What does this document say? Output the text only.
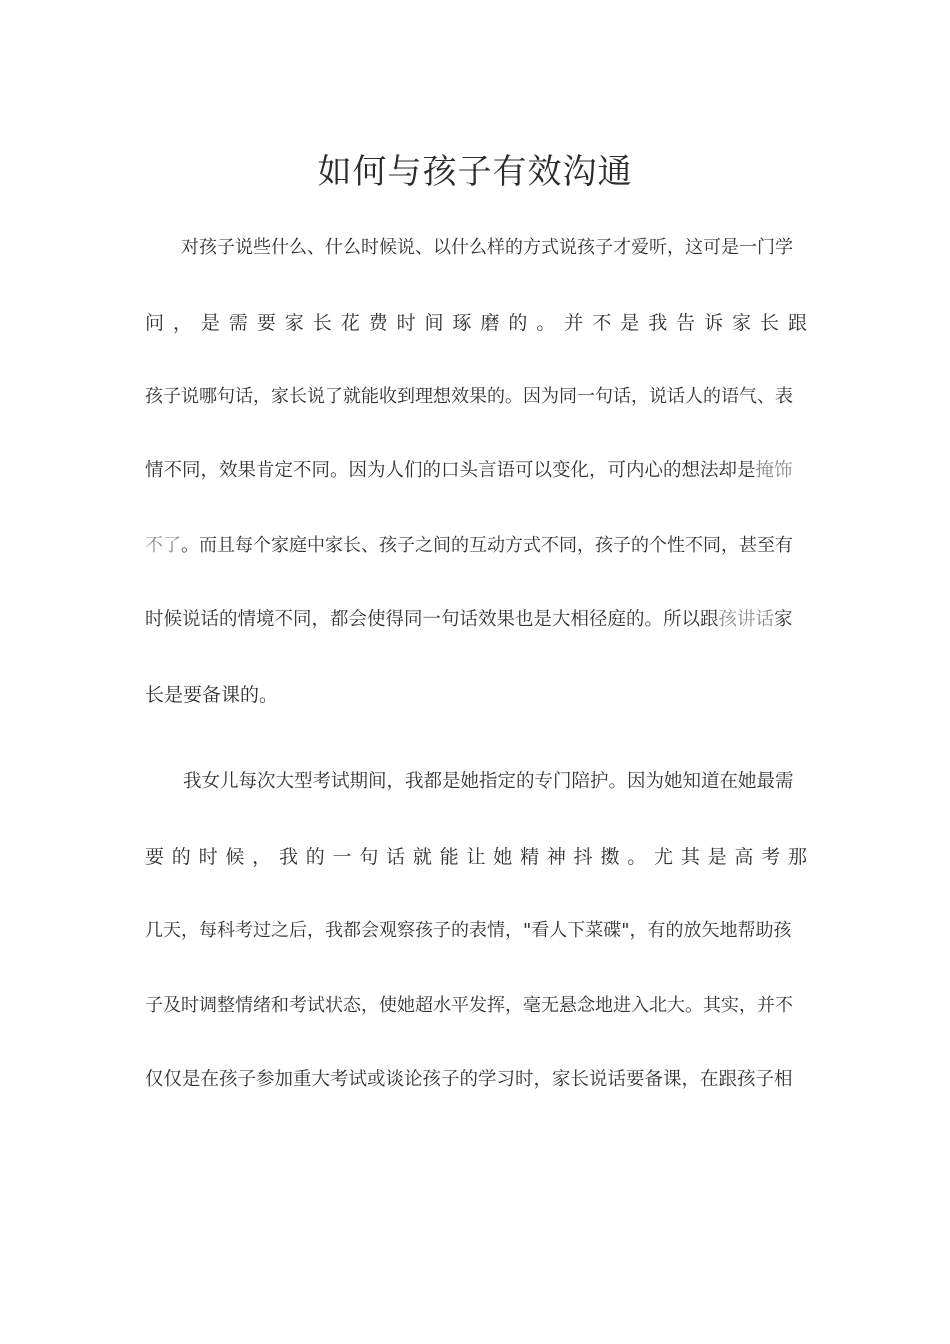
如何与孩子有效沟通
对孩子说些什么、什么时候说、以什么样的方式说孩子才爱听，这可是一门学
问，是需要家长花费时间琢磨的。并不是我告诉家长跟
孩子说哪句话，家长说了就能收到理想效果的。因为同一句话，说话人的语气、表
情不同，效果肯定不同。因为人们的口头言语可以变化，可内心的想法却是掩饰
不了。而且每个家庭中家长、孩子之间的互动方式不同，孩子的个性不同，甚至有
时候说话的情境不同，都会使得同一句话效果也是大相径庭的。所以跟孩讲话家
长是要备课的。
我女儿每次大型考试期间，我都是她指定的专门陪护。因为她知道在她最需
要的时候，我的一句话就能让她精神抖擞。尤其是高考那
几天，每科考过之后，我都会观察孩子的表情，"看人下菜碟"，有的放矢地帮助孩
子及时调整情绪和考试状态，使她超水平发挥，毫无悬念地进入北大。其实，并不
仅仅是在孩子参加重大考试或谈论孩子的学习时，家长说话要备课，在跟孩子相
